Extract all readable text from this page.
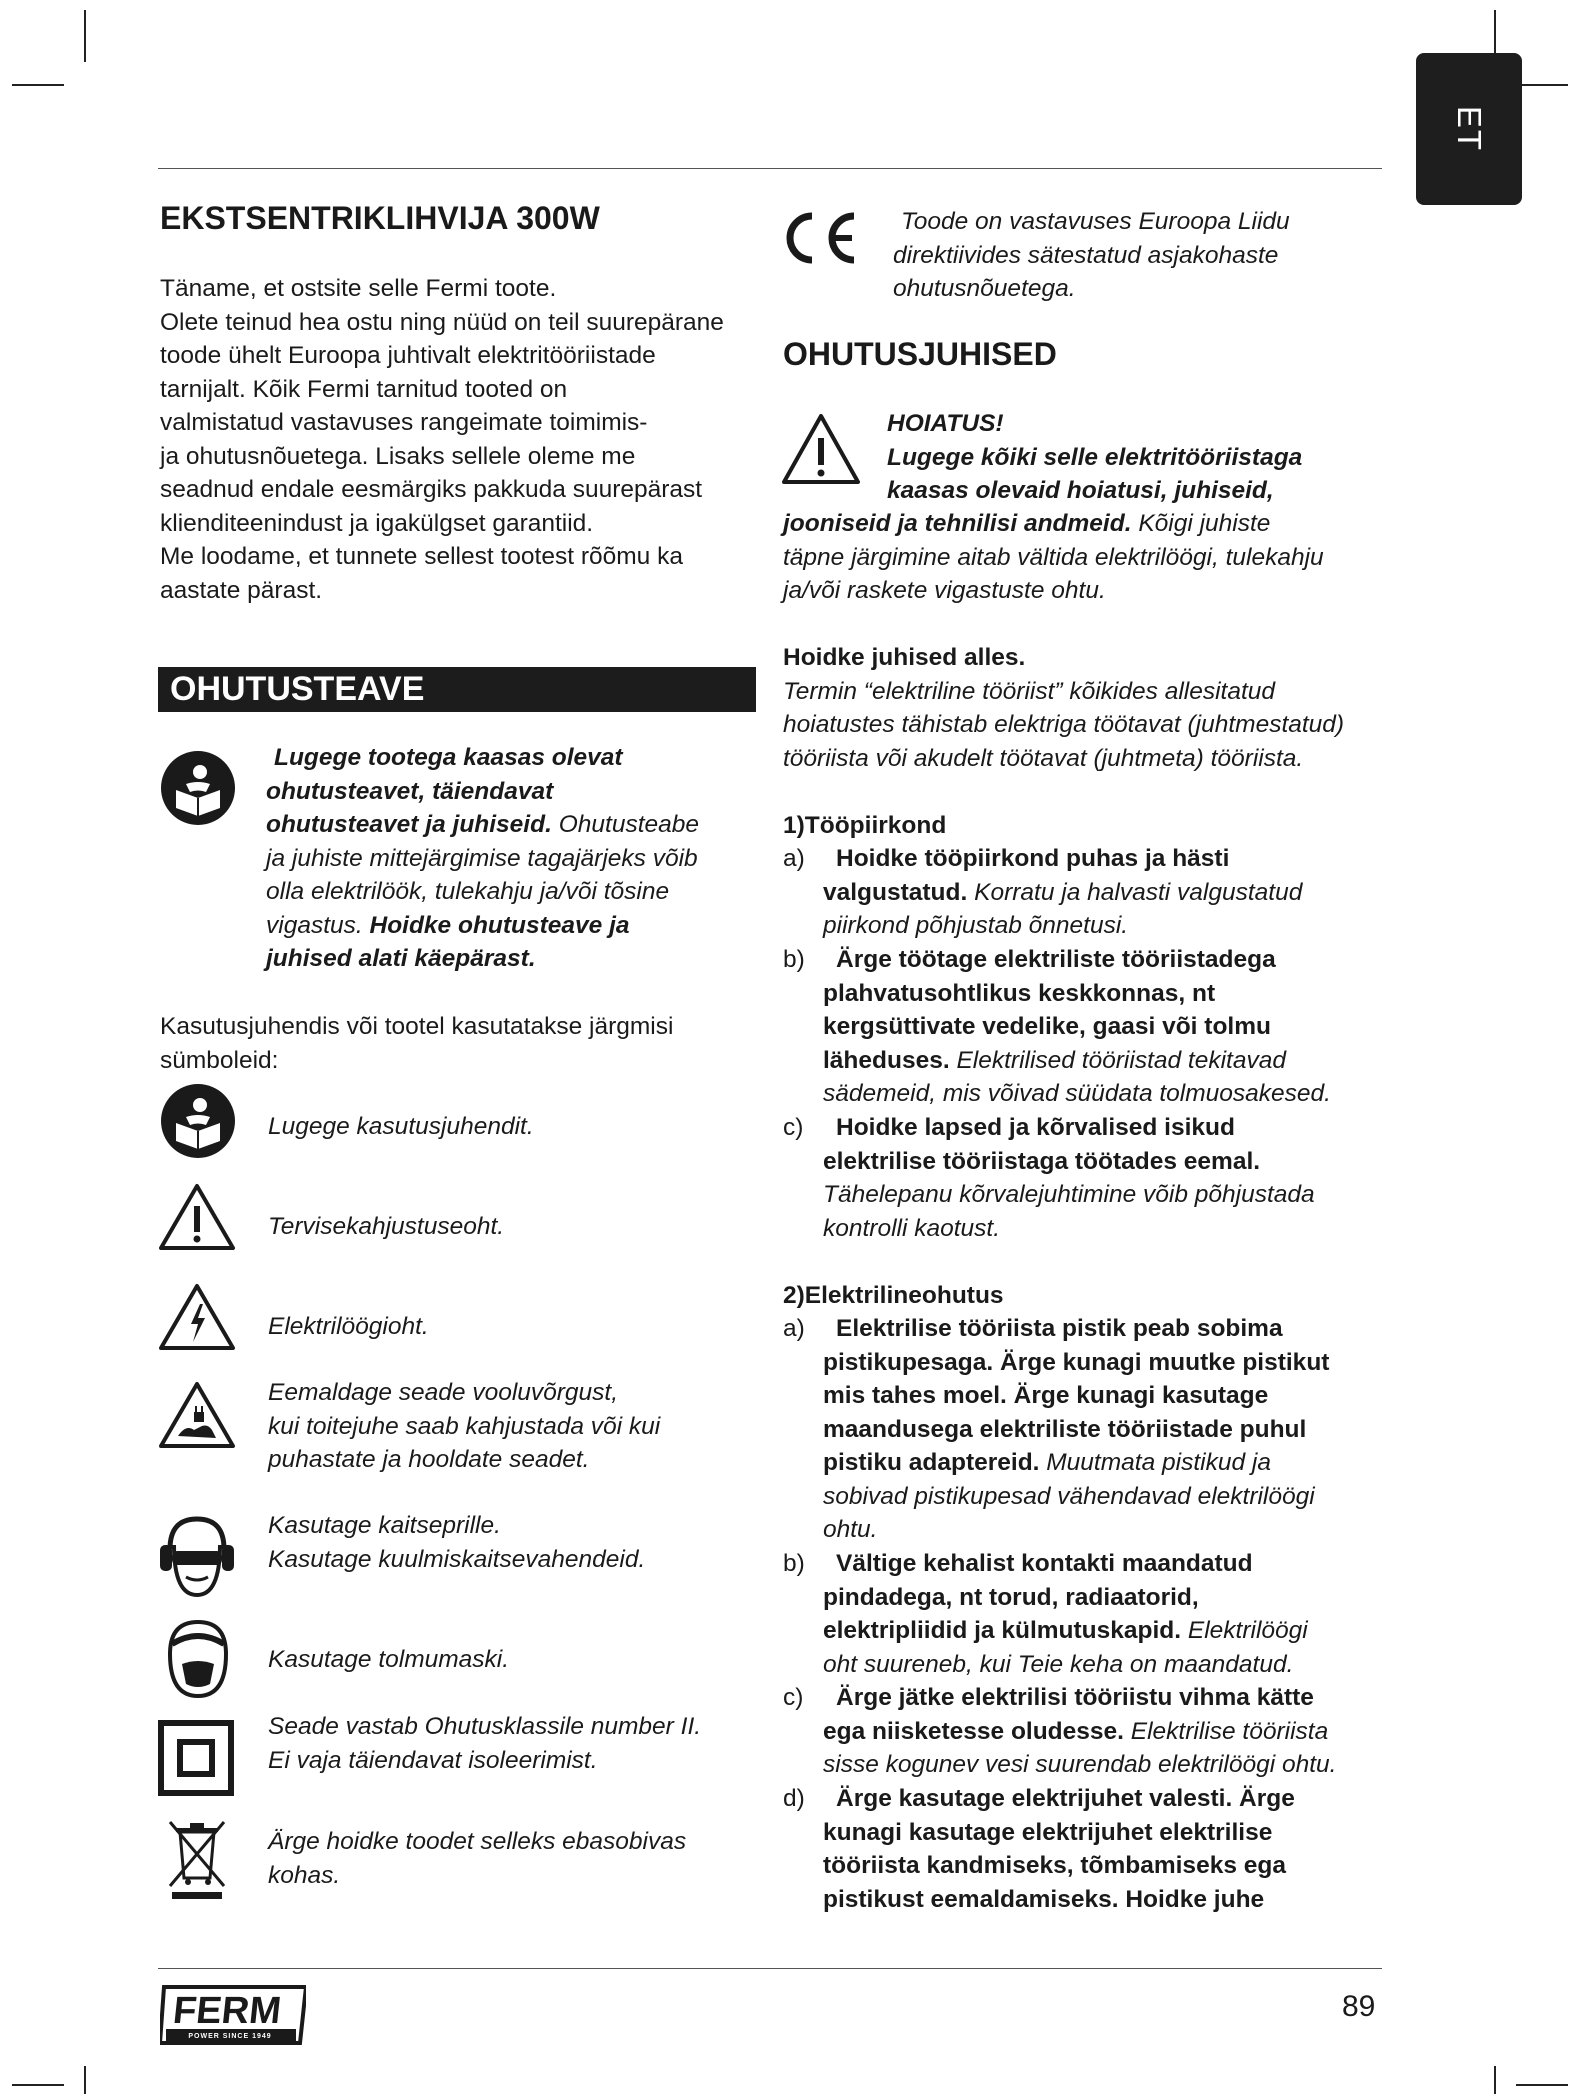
ET
EKSTSENTRIKLIHVIJA 300W

Täname, et ostsite selle Fermi toote.

Olete teinud hea ostu ning nüüd on teil suurepärane

toode ühelt Euroopa juhtivalt elektritööriistade

tarnijalt. Kõik Fermi tarnitud tooted on

valmistatud vastavuses rangeimate toimimis-

ja ohutusnõuetega. Lisaks sellele oleme me

seadnud endale eesmärgiks pakkuda suurepärast

klienditeenindust ja igakülgset garantiid.

Me loodame, et tunnete sellest tootest rõõmu ka

aastate pärast.

OHUTUSTEAVE

Lugege tootega kaasas olevat

ohutusteavet, täiendavat

ohutusteavet ja juhiseid. Ohutusteabe

ja juhiste mittejärgimise tagajärjeks võib

olla elektrilöök, tulekahju ja/või tõsine

vigastus. Hoidke ohutusteave ja

juhised alati käepärast.

Kasutusjuhendis või tootel kasutatakse järgmisi

sümboleid:

Lugege kasutusjuhendit.

Tervisekahjustuseoht.

Elektrilöögioht.

Eemaldage seade vooluvõrgust,

kui toitejuhe saab kahjustada või kui

puhastate ja hooldate seadet.

Kasutage kaitseprille.

Kasutage kuulmiskaitsevahendeid.

Kasutage tolmumaski.

Seade vastab Ohutusklassile number II.

Ei vaja täiendavat isoleerimist.

Ärge hoidke toodet selleks ebasobivas

kohas.

Toode on vastavuses Euroopa Liidu

direktiivides sätestatud asjakohaste

ohutusnõuetega.

OHUTUSJUHISED

HOIATUS!

Lugege kõiki selle elektritööriistaga

kaasas olevaid hoiatusi, juhiseid,

jooniseid ja tehnilisi andmeid. Kõigi juhiste

täpne järgimine aitab vältida elektrilöögi, tulekahju

ja/või raskete vigastuste ohtu.

Hoidke juhised alles.

Termin “elektriline tööriist” kõikides allesitatud

hoiatustes tähistab elektriga töötavat (juhtmestatud)

tööriista või akudelt töötavat (juhtmeta) tööriista.

1)Tööpiirkond
a) Hoidke tööpiirkond puhas ja hästi

valgustatud. Korratu ja halvasti valgustatud

piirkond põhjustab õnnetusi.

b) Ärge töötage elektriliste tööriistadega

plahvatusohtlikus keskkonnas, nt

kergsüttivate vedelike, gaasi või tolmu

läheduses. Elektrilised tööriistad tekitavad

sädemeid, mis võivad süüdata tolmuosakesed.

c) Hoidke lapsed ja kõrvalised isikud

elektrilise tööriistaga töötades eemal.

Tähelepanu kõrvalejuhtimine võib põhjustada

kontrolli kaotust.

2)Elektrilineohutus
a) Elektrilise tööriista pistik peab sobima

pistikupesaga. Ärge kunagi muutke pistikut

mis tahes moel. Ärge kunagi kasutage

maandusega elektriliste tööriistade puhul

pistiku adaptereid. Muutmata pistikud ja

sobivad pistikupesad vähendavad elektrilöögi

ohtu.

b) Vältige kehalist kontakti maandatud

pindadega, nt torud, radiaatorid,

elektripliidid ja külmutuskapid. Elektrilöögi

oht suureneb, kui Teie keha on maandatud.

c) Ärge jätke elektrilisi tööriistu vihma kätte

ega niisketesse oludesse. Elektrilise tööriista

sisse kogunev vesi suurendab elektrilöögi ohtu.

d) Ärge kasutage elektrijuhet valesti. Ärge

kunagi kasutage elektrijuhet elektrilise

tööriista kandmiseks, tõmbamiseks ega

pistikust eemaldamiseks. Hoidke juhe

FERM
POWER SINCE 1949
89
